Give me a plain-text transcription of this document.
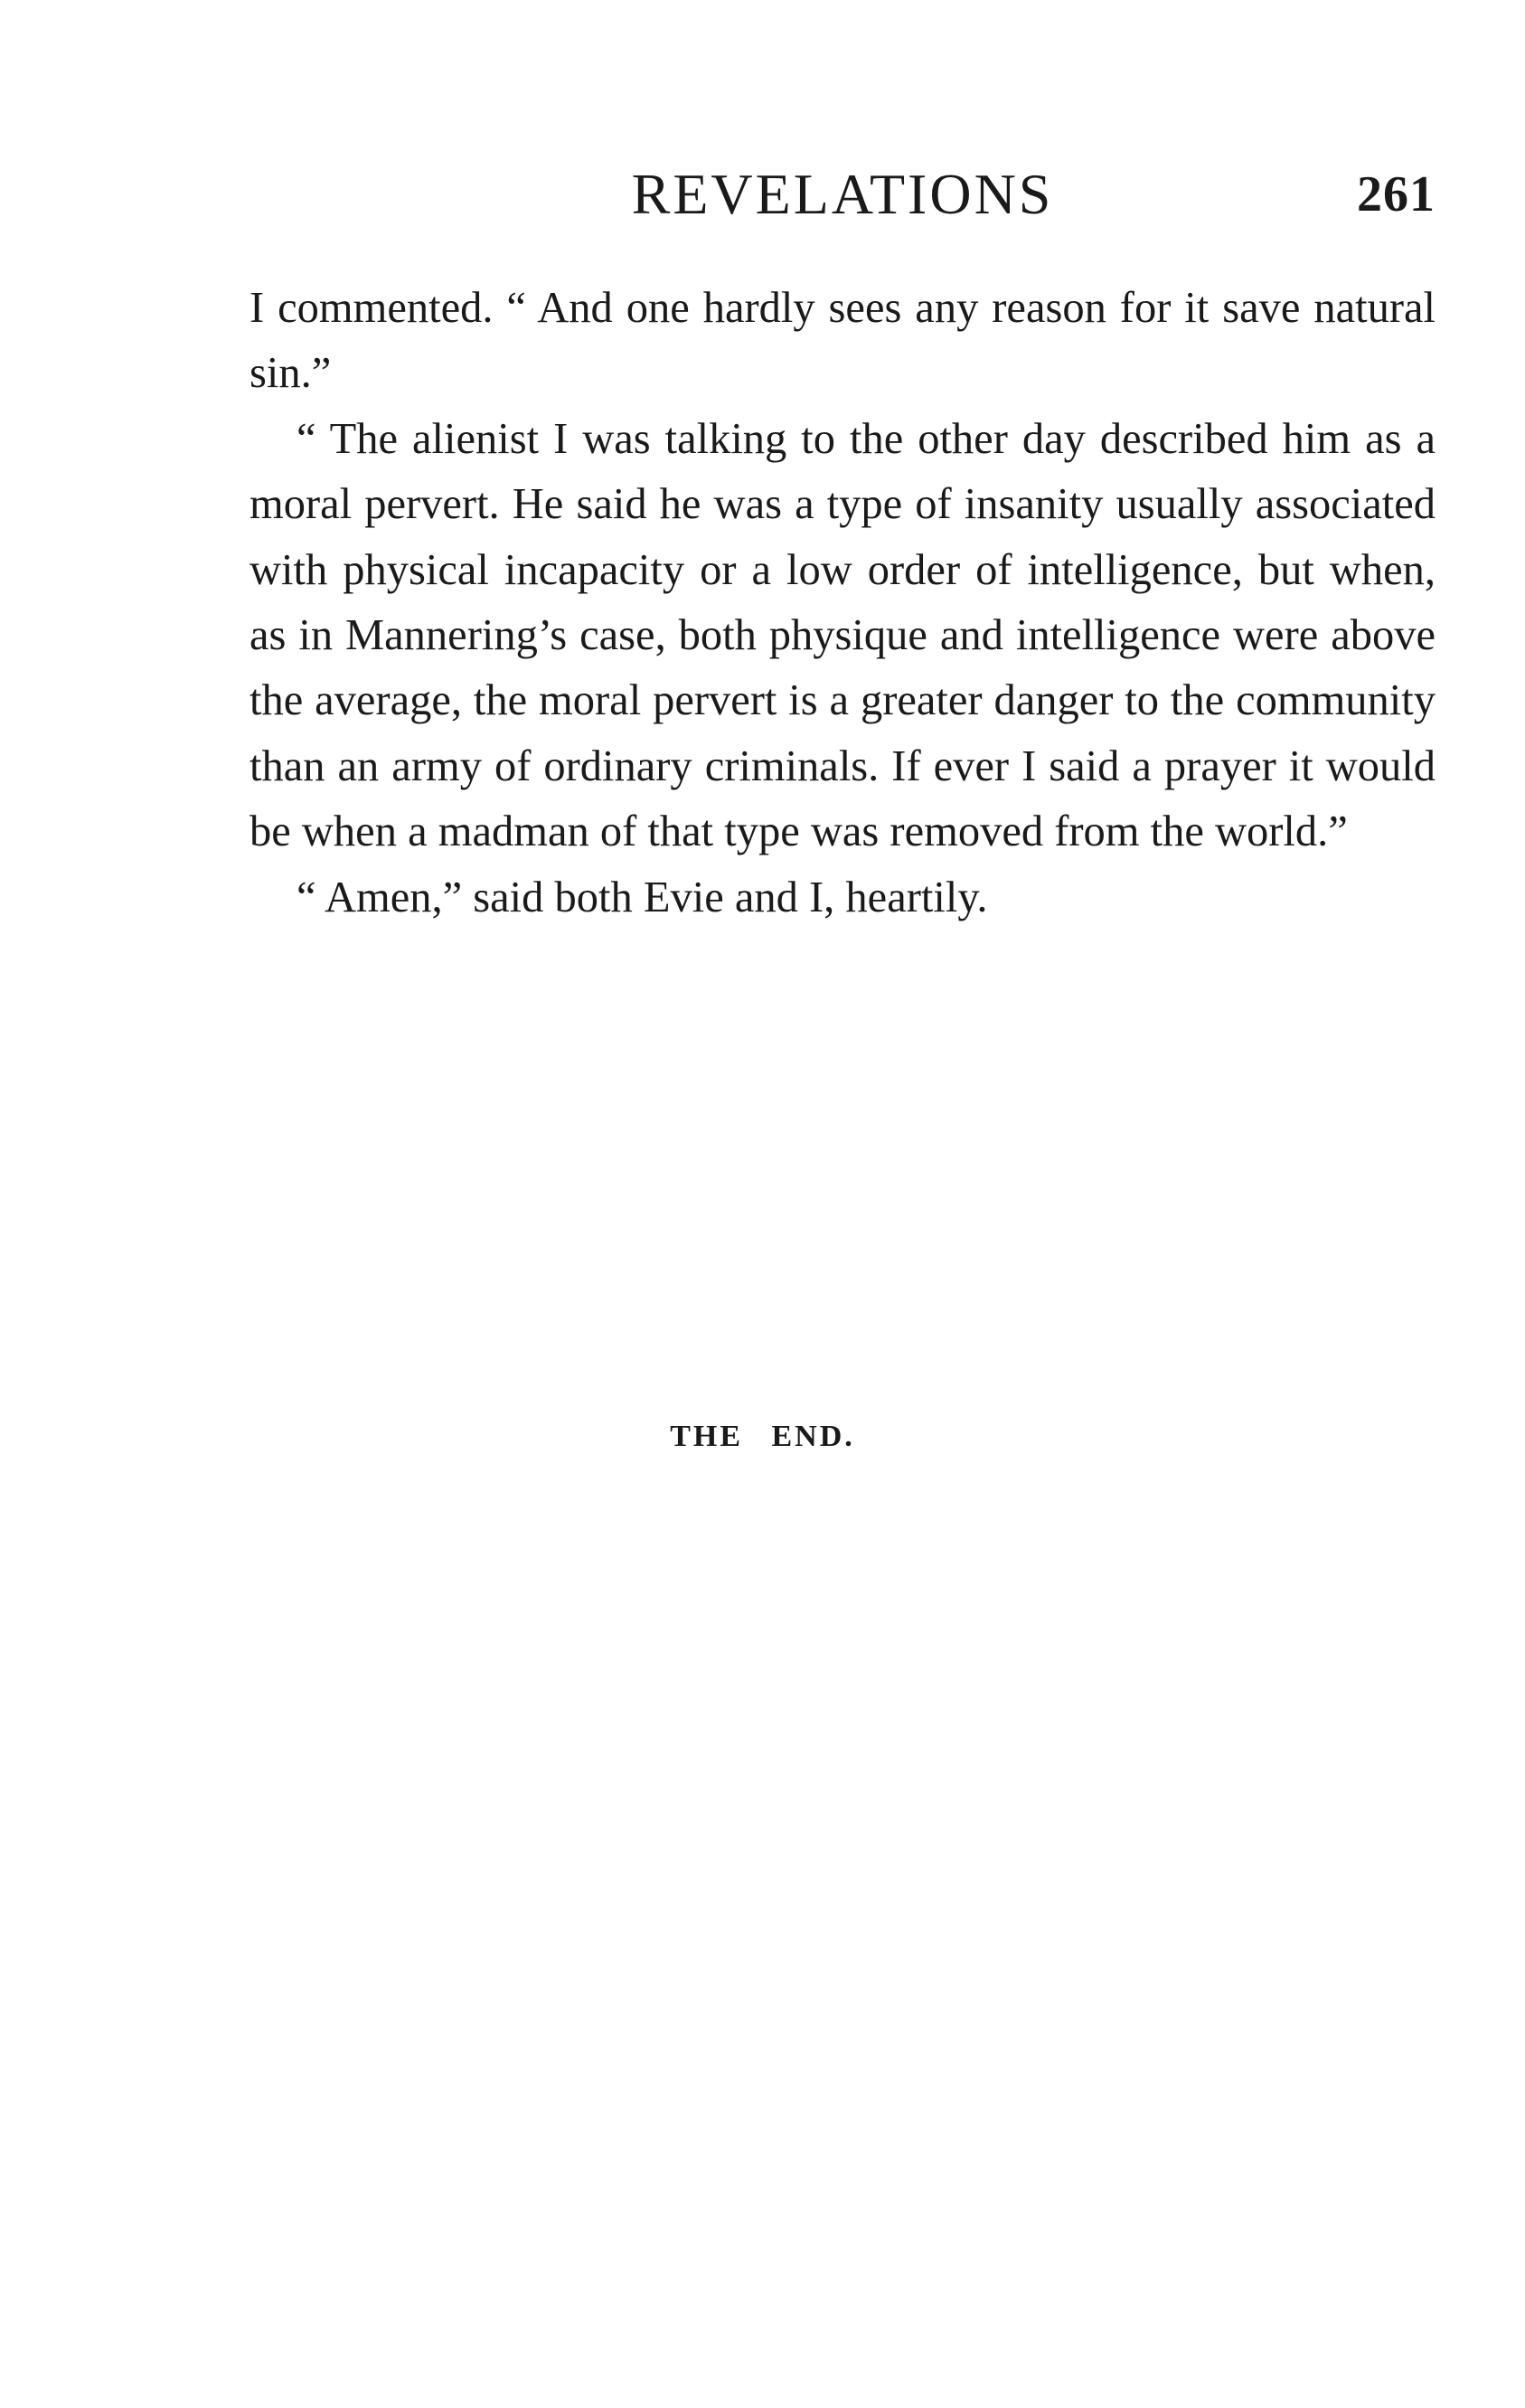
REVELATIONS	261

I commented. “ And one hardly sees any reason for it save natural sin.”

“ The alienist I was talking to the other day described him as a moral pervert. He said he was a type of insanity usually associated with physical incapacity or a low order of intelligence, but when, as in Mannering’s case, both physique and intelligence were above the average, the moral pervert is a greater danger to the community than an army of ordinary criminals. If ever I said a prayer it would be when a madman of that type was removed from the world.”

“ Amen,” said both Evie and I, heartily.

THE END.
